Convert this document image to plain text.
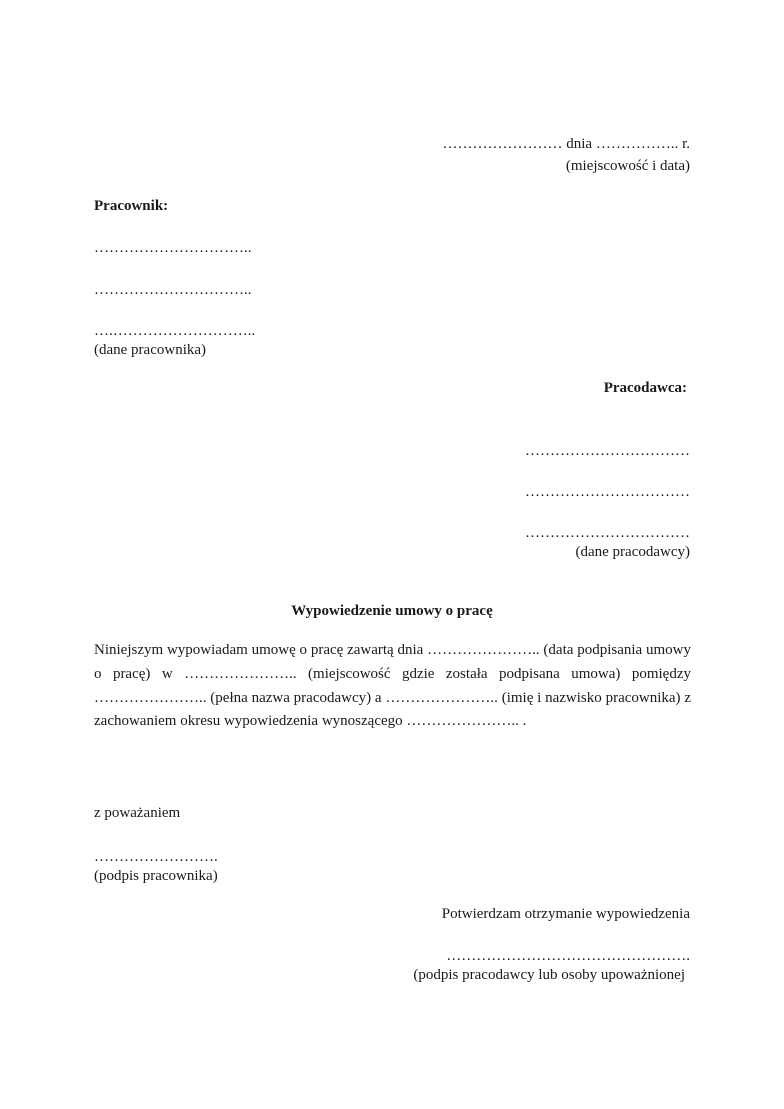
…………………… dnia …………….. r.
(miejscowość i data)
Pracownik:
…………………………..
…………………………..
….………………………..
(dane pracownika)
Pracodawca:
……………………………
……………………………
……………………………
(dane pracodawcy)
Wypowiedzenie umowy o pracę
Niniejszym wypowiadam umowę o pracę zawartą dnia ………………….. (data podpisania umowy o pracę) w ………………….. (miejscowość gdzie została podpisana umowa) pomiędzy ………………….. (pełna nazwa pracodawcy) a ………………….. (imię i nazwisko pracownika) z zachowaniem okresu wypowiedzenia wynoszącego ………………….. .
z poważaniem
…………………….
(podpis pracownika)
Potwierdzam otrzymanie wypowiedzenia
………………………………………….
(podpis pracodawcy lub osoby upoważnionej
